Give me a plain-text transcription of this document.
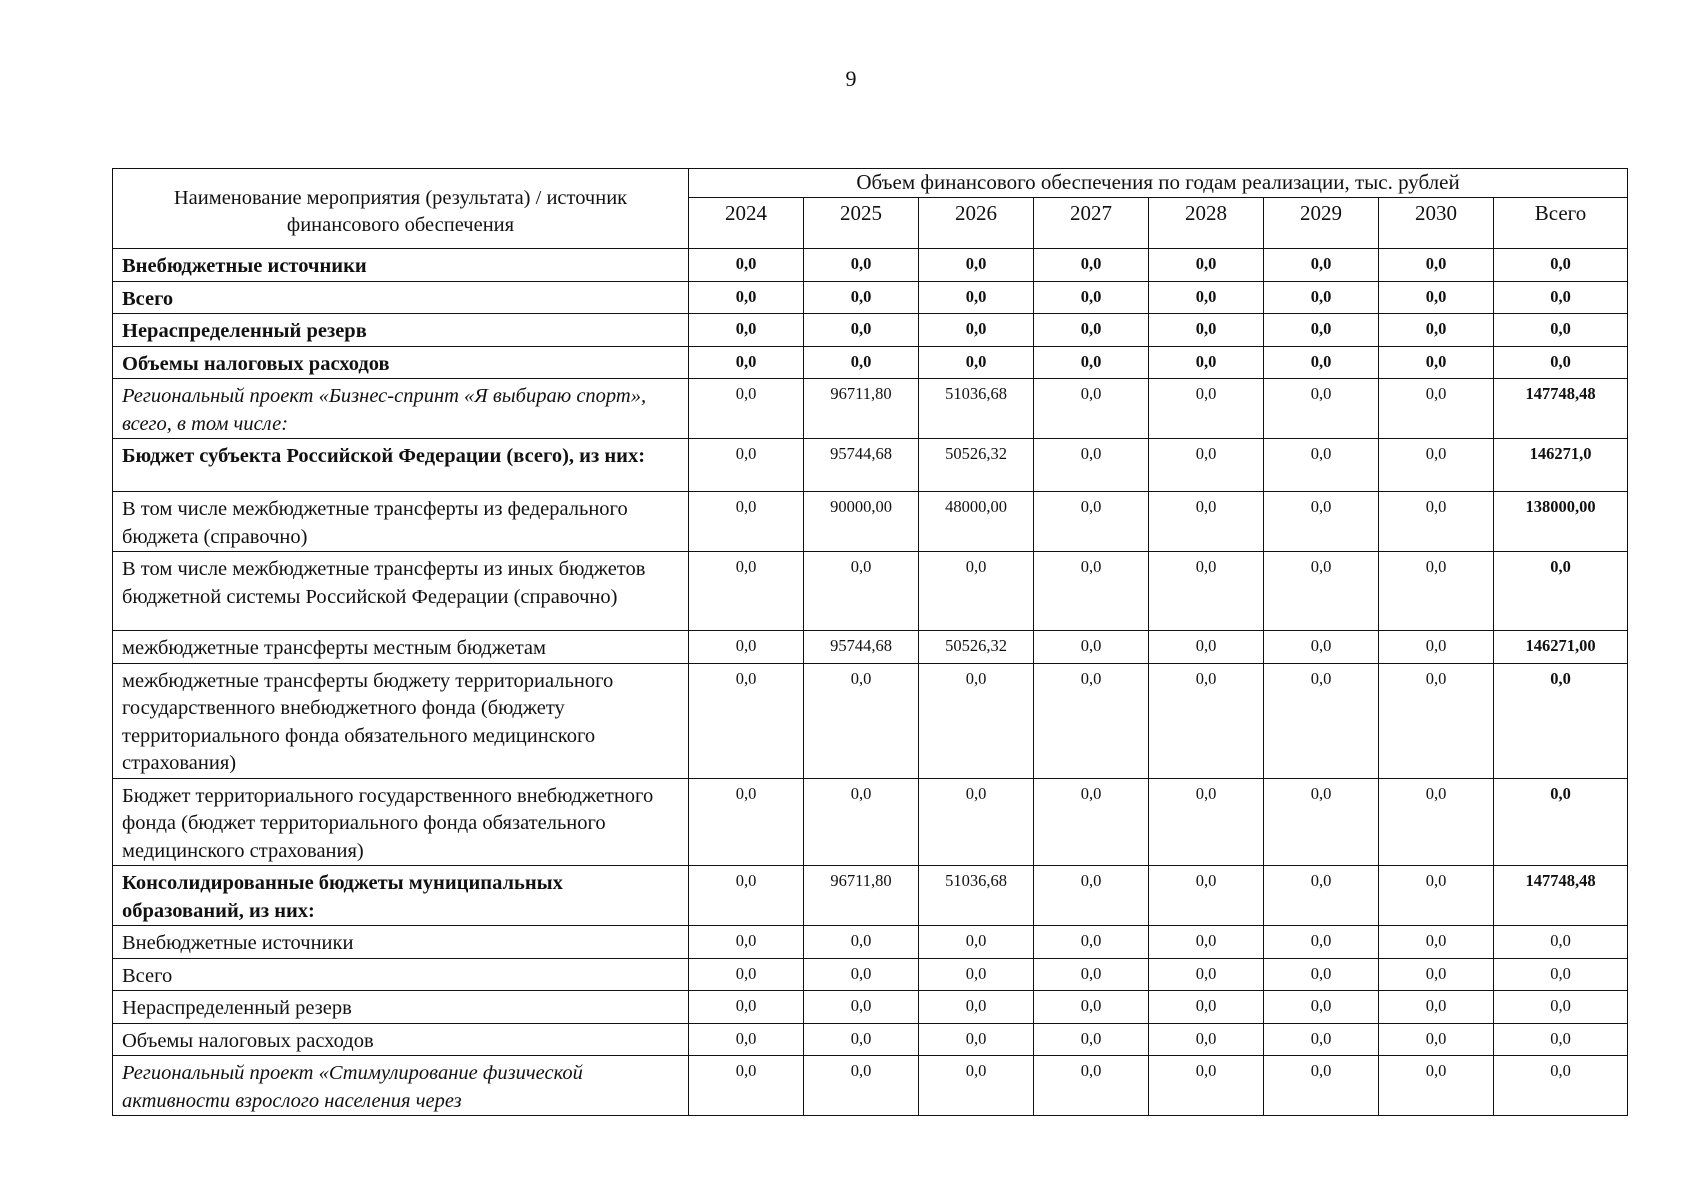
9
Наименование мероприятия (результата) / источник финансового обеспечения	Объем финансового обеспечения по годам реализации, тыс. рублей							
	2024	2025	2026	2027	2028	2029	2030	Всего
Внебюджетные источники	0,0	0,0	0,0	0,0	0,0	0,0	0,0	0,0
Всего	0,0	0,0	0,0	0,0	0,0	0,0	0,0	0,0
Нераспределенный резерв	0,0	0,0	0,0	0,0	0,0	0,0	0,0	0,0
Объемы налоговых расходов	0,0	0,0	0,0	0,0	0,0	0,0	0,0	0,0
Региональный проект «Бизнес-спринт «Я выбираю спорт», всего, в том числе:	0,0	96711,80	51036,68	0,0	0,0	0,0	0,0	147748,48
Бюджет субъекта Российской Федерации (всего), из них:	0,0	95744,68	50526,32	0,0	0,0	0,0	0,0	146271,0
В том числе межбюджетные трансферты из федерального бюджета (справочно)	0,0	90000,00	48000,00	0,0	0,0	0,0	0,0	138000,00
В том числе межбюджетные трансферты из иных бюджетов бюджетной системы Российской Федерации (справочно)	0,0	0,0	0,0	0,0	0,0	0,0	0,0	0,0
межбюджетные трансферты местным бюджетам	0,0	95744,68	50526,32	0,0	0,0	0,0	0,0	146271,00
межбюджетные трансферты бюджету территориального государственного внебюджетного фонда (бюджету территориального фонда обязательного медицинского страхования)	0,0	0,0	0,0	0,0	0,0	0,0	0,0	0,0
Бюджет территориального государственного внебюджетного фонда (бюджет территориального фонда обязательного медицинского страхования)	0,0	0,0	0,0	0,0	0,0	0,0	0,0	0,0
Консолидированные бюджеты муниципальных образований, из них:	0,0	96711,80	51036,68	0,0	0,0	0,0	0,0	147748,48
Внебюджетные источники	0,0	0,0	0,0	0,0	0,0	0,0	0,0	0,0
Всего	0,0	0,0	0,0	0,0	0,0	0,0	0,0	0,0
Нераспределенный резерв	0,0	0,0	0,0	0,0	0,0	0,0	0,0	0,0
Объемы налоговых расходов	0,0	0,0	0,0	0,0	0,0	0,0	0,0	0,0
Региональный проект «Стимулирование физической активности взрослого населения через	0,0	0,0	0,0	0,0	0,0	0,0	0,0	0,0
